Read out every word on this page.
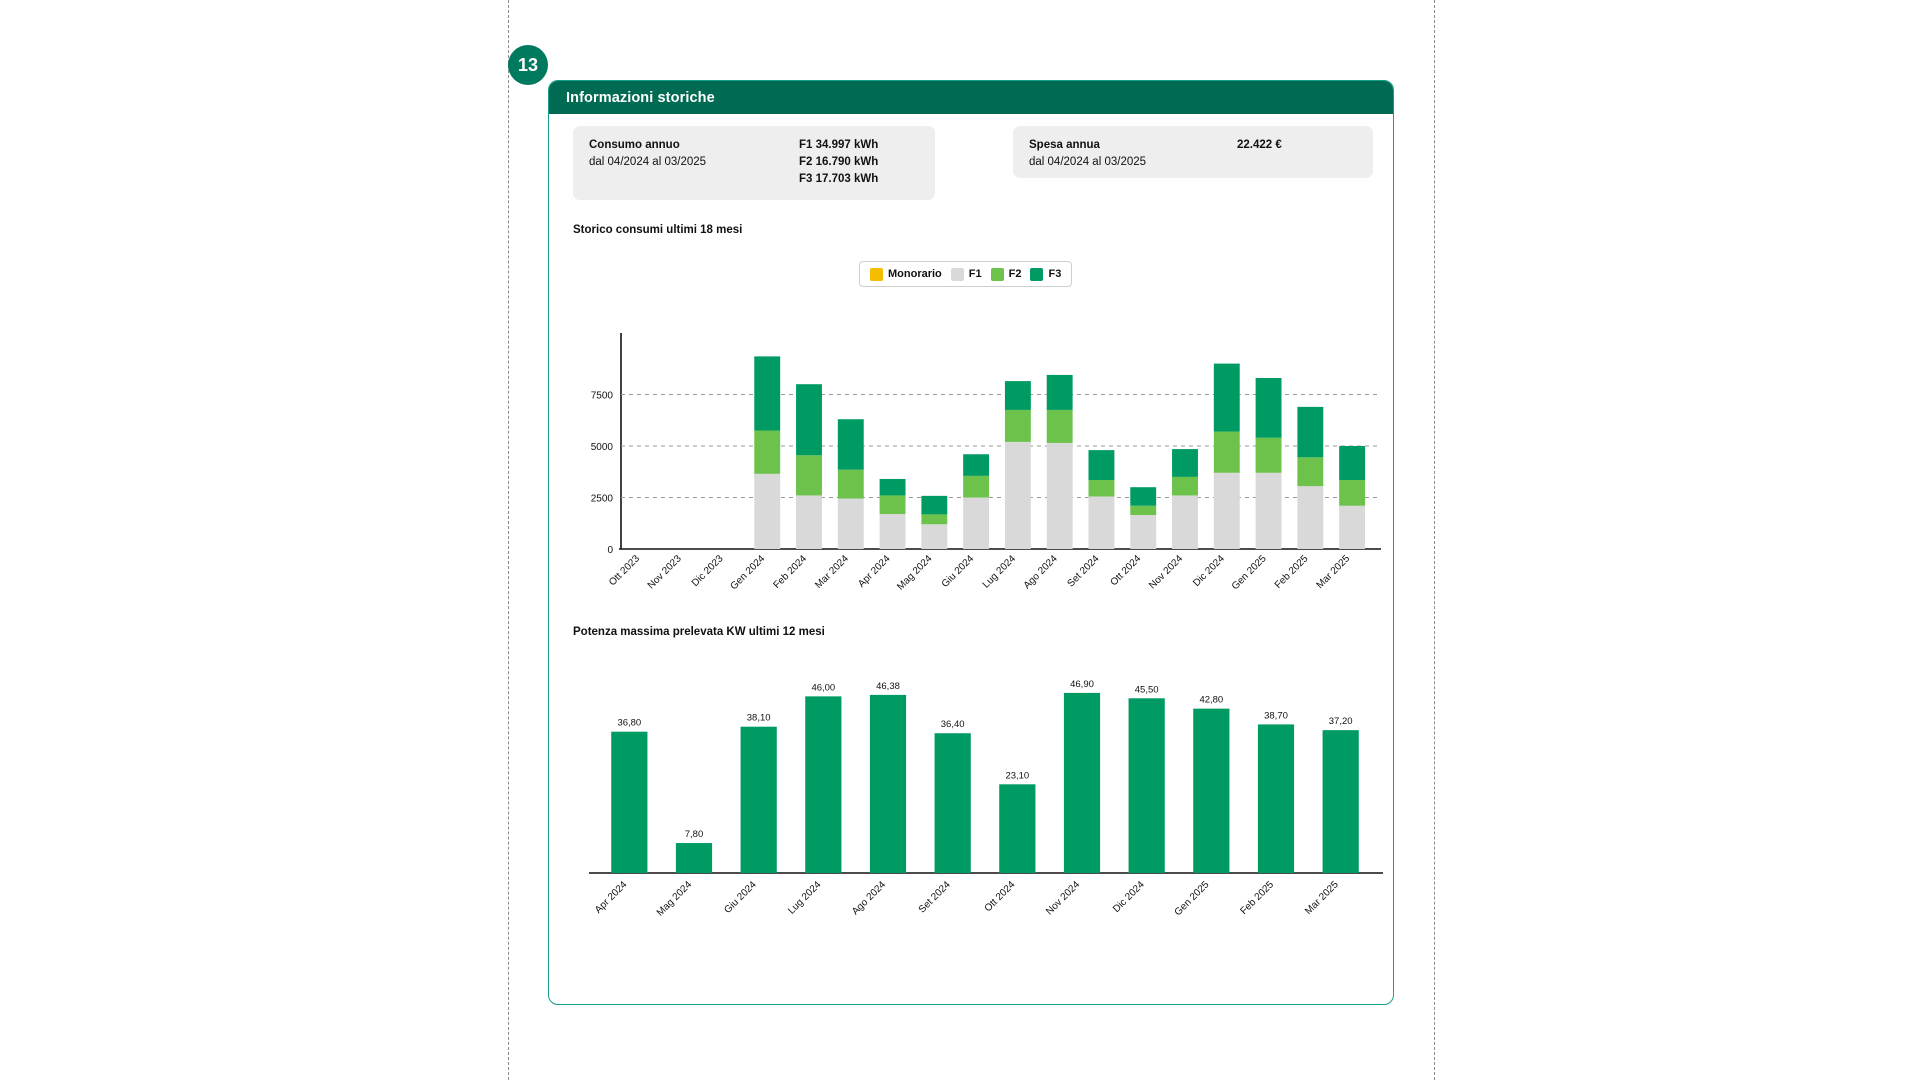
13
Informazioni storiche
Consumo annuo
dal 04/2024 al 03/2025
F1 34.997 kWh
F2 16.790 kWh
F3 17.703 kWh
Spesa annua
dal 04/2024 al 03/2025
22.422 €
Storico consumi ultimi 18 mesi
Monorario F1 F2 F3
0
2500
5000
7500
Ott 2023 Nov 2023 Dic 2023 Gen 2024 Feb 2024 Mar 2024 Apr 2024 Mag 2024 Giu 2024 Lug 2024 Ago 2024 Set 2024 Ott 2024 Nov 2024 Dic 2024 Gen 2025 Feb 2025 Mar 2025
Potenza massima prelevata KW ultimi 12 mesi
36,80
Apr 2024
7,80
Mag 2024
38,10
Giu 2024
46,00
Lug 2024
46,38
Ago 2024
36,40
Set 2024
23,10
Ott 2024
46,90
Nov 2024
45,50
Dic 2024
42,80
Gen 2025
38,70
Feb 2025
37,20
Mar 2025
